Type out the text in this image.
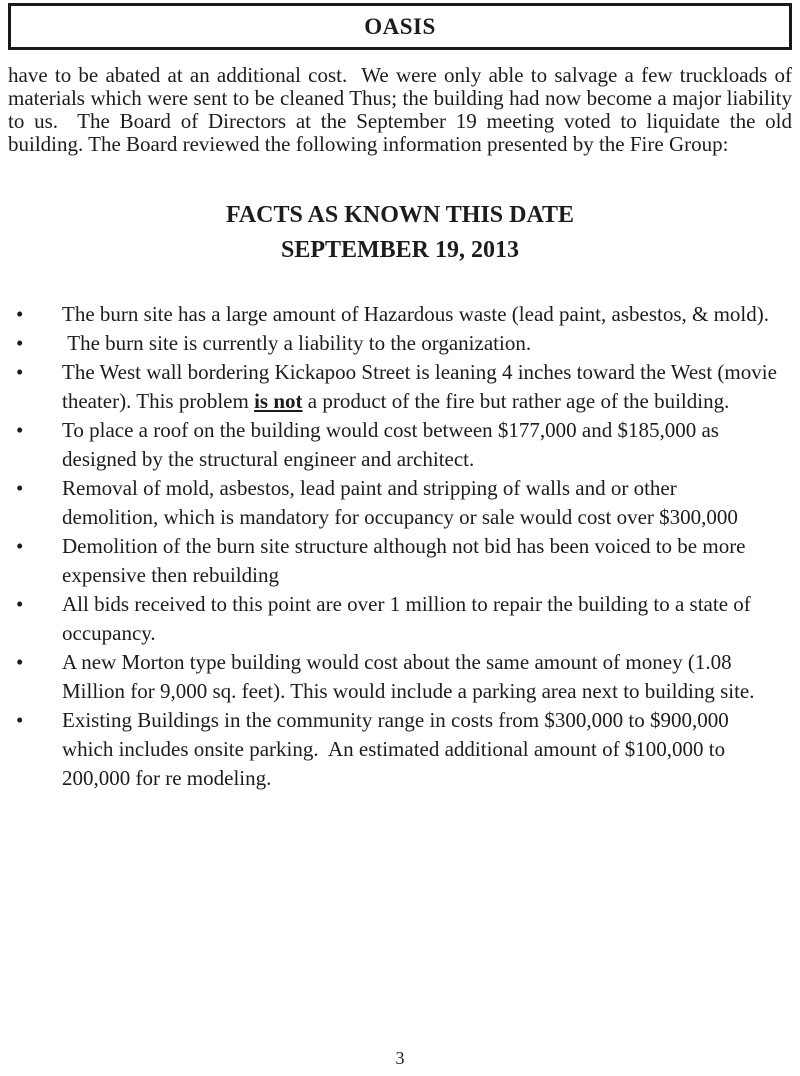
OASIS

have to be abated at an additional cost.  We were only able to salvage a few truckloads of materials which were sent to be cleaned Thus; the building had now become a major liability to us.  The Board of Directors at the September 19 meeting voted to liquidate the old building. The Board reviewed the following information presented by the Fire Group:

FACTS AS KNOWN THIS DATE
SEPTEMBER 19, 2013
• The burn site has a large amount of Hazardous waste (lead paint, asbestos, & mold).
• The burn site is currently a liability to the organization.
• The West wall bordering Kickapoo Street is leaning 4 inches toward the West (movie theater). This problem is not a product of the fire but rather age of the building.
• To place a roof on the building would cost between $177,000 and $185,000 as designed by the structural engineer and architect.
• Removal of mold, asbestos, lead paint and stripping of walls and or other demolition, which is mandatory for occupancy or sale would cost over $300,000
• Demolition of the burn site structure although not bid has been voiced to be more expensive then rebuilding
• All bids received to this point are over 1 million to repair the building to a state of occupancy.
• A new Morton type building would cost about the same amount of money (1.08 Million for 9,000 sq. feet). This would include a parking area next to building site.
• Existing Buildings in the community range in costs from $300,000 to $900,000 which includes onsite parking.  An estimated additional amount of $100,000 to 200,000 for re modeling.
3
